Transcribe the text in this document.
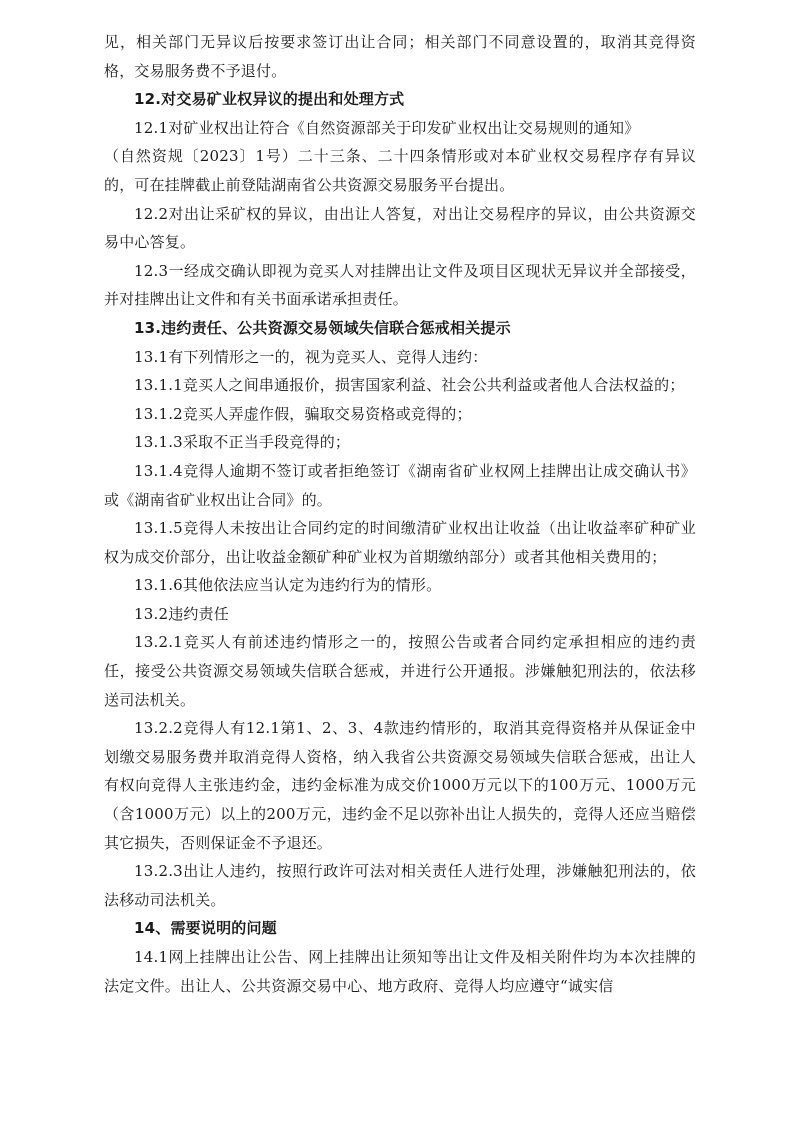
见，相关部门无异议后按要求签订出让合同；相关部门不同意设置的，取消其竞得资格，交易服务费不予退付。

12.对交易矿业权异议的提出和处理方式

12.1对矿业权出让符合《自然资源部关于印发矿业权出让交易规则的通知》

（自然资规〔2023〕1号）二十三条、二十四条情形或对本矿业权交易程序存有异议的，可在挂牌截止前登陆湖南省公共资源交易服务平台提出。

12.2对出让采矿权的异议，由出让人答复，对出让交易程序的异议，由公共资源交易中心答复。

12.3一经成交确认即视为竞买人对挂牌出让文件及项目区现状无异议并全部接受，并对挂牌出让文件和有关书面承诺承担责任。

13.违约责任、公共资源交易领域失信联合惩戒相关提示

13.1有下列情形之一的，视为竞买人、竞得人违约：

13.1.1竞买人之间串通报价，损害国家利益、社会公共利益或者他人合法权益的；

13.1.2竞买人弄虚作假，骗取交易资格或竞得的；

13.1.3采取不正当手段竞得的；

13.1.4竞得人逾期不签订或者拒绝签订《湖南省矿业权网上挂牌出让成交确认书》或《湖南省矿业权出让合同》的。

13.1.5竞得人未按出让合同约定的时间缴清矿业权出让收益（出让收益率矿种矿业权为成交价部分，出让收益金额矿种矿业权为首期缴纳部分）或者其他相关费用的；

13.1.6其他依法应当认定为违约行为的情形。

13.2违约责任

13.2.1竞买人有前述违约情形之一的，按照公告或者合同约定承担相应的违约责任，接受公共资源交易领域失信联合惩戒，并进行公开通报。涉嫌触犯刑法的，依法移送司法机关。

13.2.2竞得人有12.1第1、2、3、4款违约情形的，取消其竞得资格并从保证金中划缴交易服务费并取消竞得人资格，纳入我省公共资源交易领域失信联合惩戒，出让人有权向竞得人主张违约金，违约金标准为成交价1000万元以下的100万元、1000万元（含1000万元）以上的200万元，违约金不足以弥补出让人损失的，竞得人还应当赔偿其它损失，否则保证金不予退还。

13.2.3出让人违约，按照行政许可法对相关责任人进行处理，涉嫌触犯刑法的，依法移动司法机关。

14、需要说明的问题

14.1网上挂牌出让公告、网上挂牌出让须知等出让文件及相关附件均为本次挂牌的法定文件。出让人、公共资源交易中心、地方政府、竞得人均应遵守“诚实信
